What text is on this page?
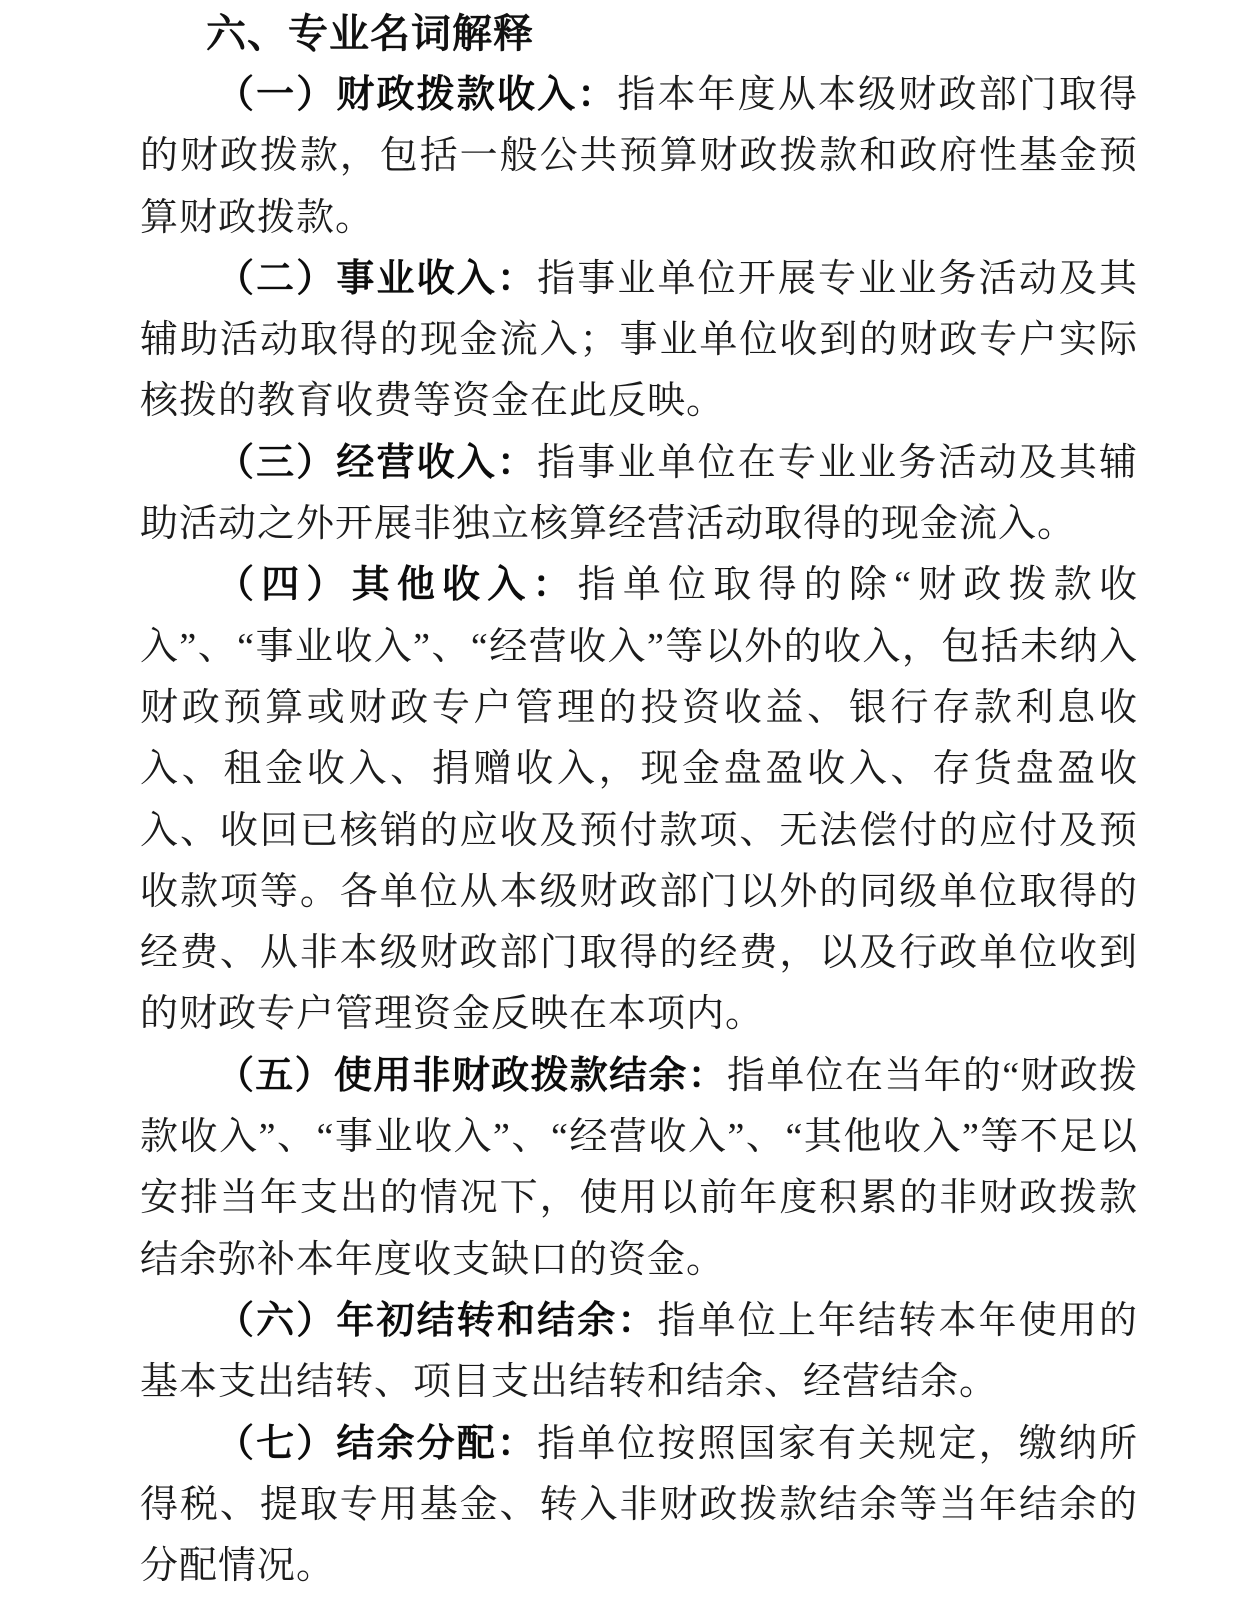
六、专业名词解释

（一）财政拨款收入：指本年度从本级财政部门取得的财政拨款，包括一般公共预算财政拨款和政府性基金预算财政拨款。

（二）事业收入：指事业单位开展专业业务活动及其辅助活动取得的现金流入；事业单位收到的财政专户实际核拨的教育收费等资金在此反映。

（三）经营收入：指事业单位在专业业务活动及其辅助活动之外开展非独立核算经营活动取得的现金流入。

（四）其他收入：指单位取得的除“财政拨款收入”、“事业收入”、“经营收入”等以外的收入，包括未纳入财政预算或财政专户管理的投资收益、银行存款利息收入、租金收入、捐赠收入，现金盘盈收入、存货盘盈收入、收回已核销的应收及预付款项、无法偿付的应付及预收款项等。各单位从本级财政部门以外的同级单位取得的经费、从非本级财政部门取得的经费，以及行政单位收到的财政专户管理资金反映在本项内。

（五）使用非财政拨款结余：指单位在当年的“财政拨款收入”、“事业收入”、“经营收入”、“其他收入”等不足以安排当年支出的情况下，使用以前年度积累的非财政拨款结余弥补本年度收支缺口的资金。

（六）年初结转和结余：指单位上年结转本年使用的基本支出结转、项目支出结转和结余、经营结余。

（七）结余分配：指单位按照国家有关规定，缴纳所得税、提取专用基金、转入非财政拨款结余等当年结余的分配情况。
